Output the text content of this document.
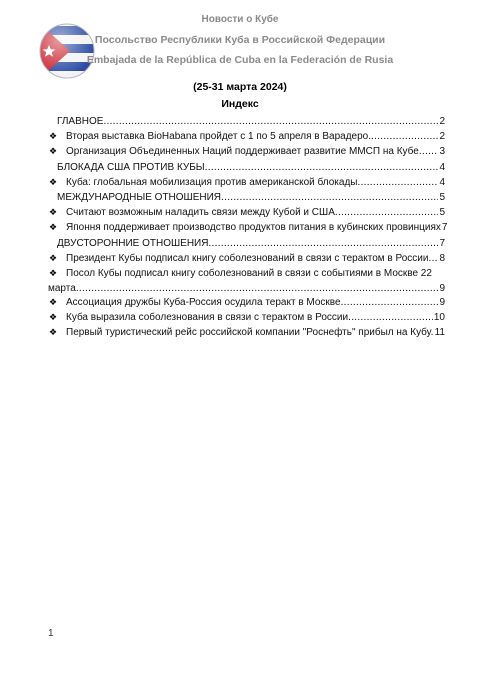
Новости о Кубе
Посольство Республики Куба в Российской Федерации
Embajada de la República de Cuba en la Federación de Rusia
(25-31 марта 2024)
Индекс
ГЛАВНОЕ .....	2
❖ Вторая выставка BioHabana пройдет с 1 по 5 апреля в Варадеро. .....	2
❖ Организация Объединенных Наций поддерживает развитие ММСП на Кубе ..... 3
БЛОКАДА США ПРОТИВ КУБЫ .....	4
❖ Куба: глобальная мобилизация против американской блокады .....	4
МЕЖДУНАРОДНЫЕ ОТНОШЕНИЯ .....	5
❖ Считают возможным наладить связи между Кубой и США .....	5
❖ Японня поддерживает производство продуктов питания в кубинских провинциях 7
ДВУСТОРОННИЕ ОТНОШЕНИЯ .....	7
❖ Президент Кубы подписал книгу соболезнований в связи с терактом в России ..... 8
❖ Посол Кубы подписал книгу соболезнований в связи с событиями в Москве 22
марта .....	9
❖ Ассоциация дружбы Куба-Россия осудила теракт в Москве .....	9
❖ Куба выразила соболезнования в связи с терактом в России .....	10
❖ Первый туристический рейс российской компании "Роснефть" прибыл на Кубу. ..... 11
1
